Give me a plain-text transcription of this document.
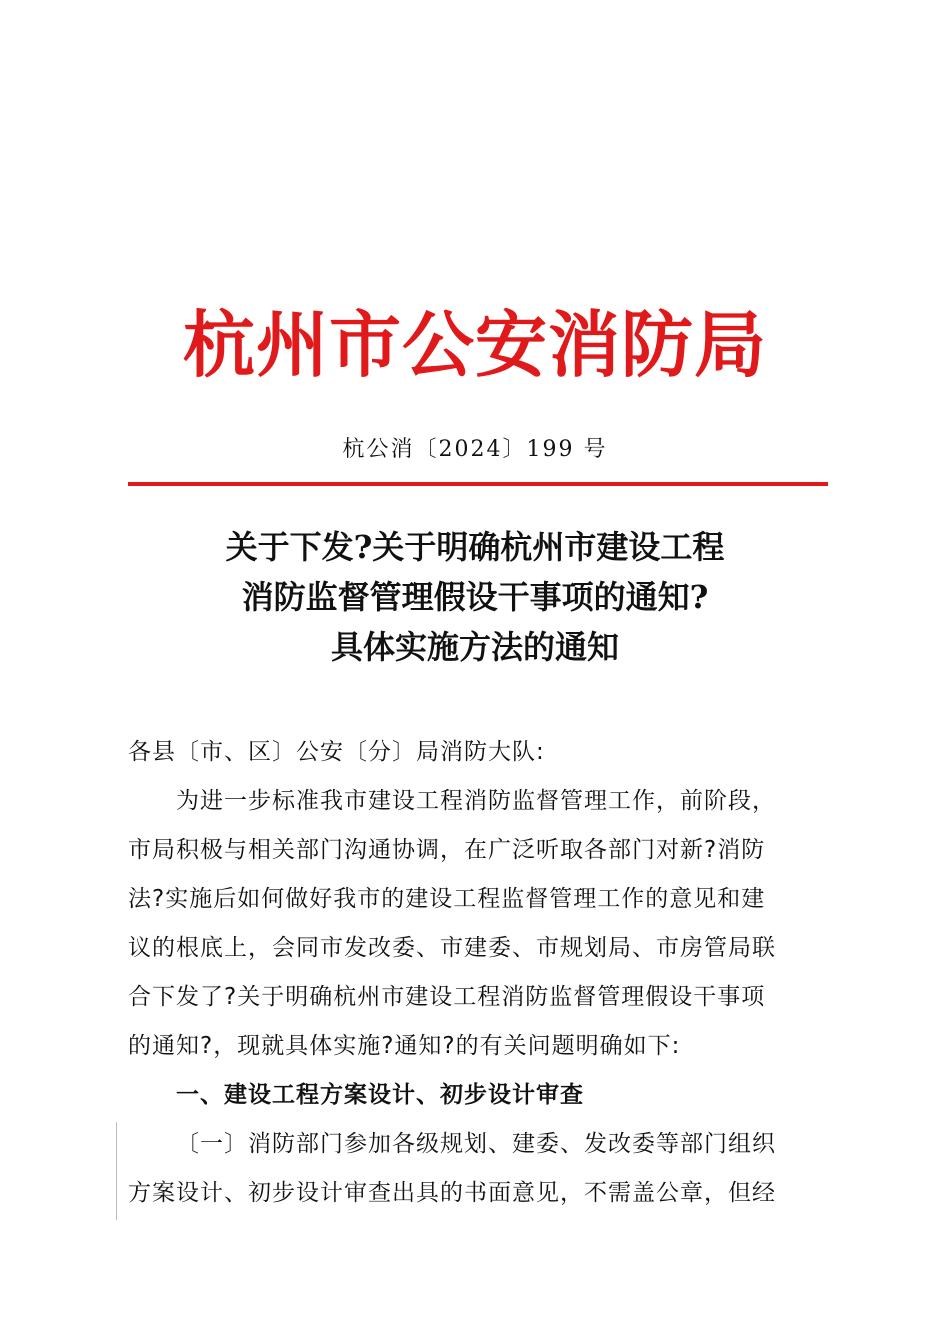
杭州市公安消防局
杭公消〔2024〕199 号
关于下发?关于明确杭州市建设工程
消防监督管理假设干事项的通知?
具体实施方法的通知
各县〔市、区〕公安〔分〕局消防大队:
为进一步标准我市建设工程消防监督管理工作，前阶段，
市局积极与相关部门沟通协调，在广泛听取各部门对新?消防
法?实施后如何做好我市的建设工程监督管理工作的意见和建
议的根底上，会同市发改委、市建委、市规划局、市房管局联
合下发了?关于明确杭州市建设工程消防监督管理假设干事项
的通知?，现就具体实施?通知?的有关问题明确如下:
一、建设工程方案设计、初步设计审查
〔一〕消防部门参加各级规划、建委、发改委等部门组织
方案设计、初步设计审查出具的书面意见，不需盖公章，但经
